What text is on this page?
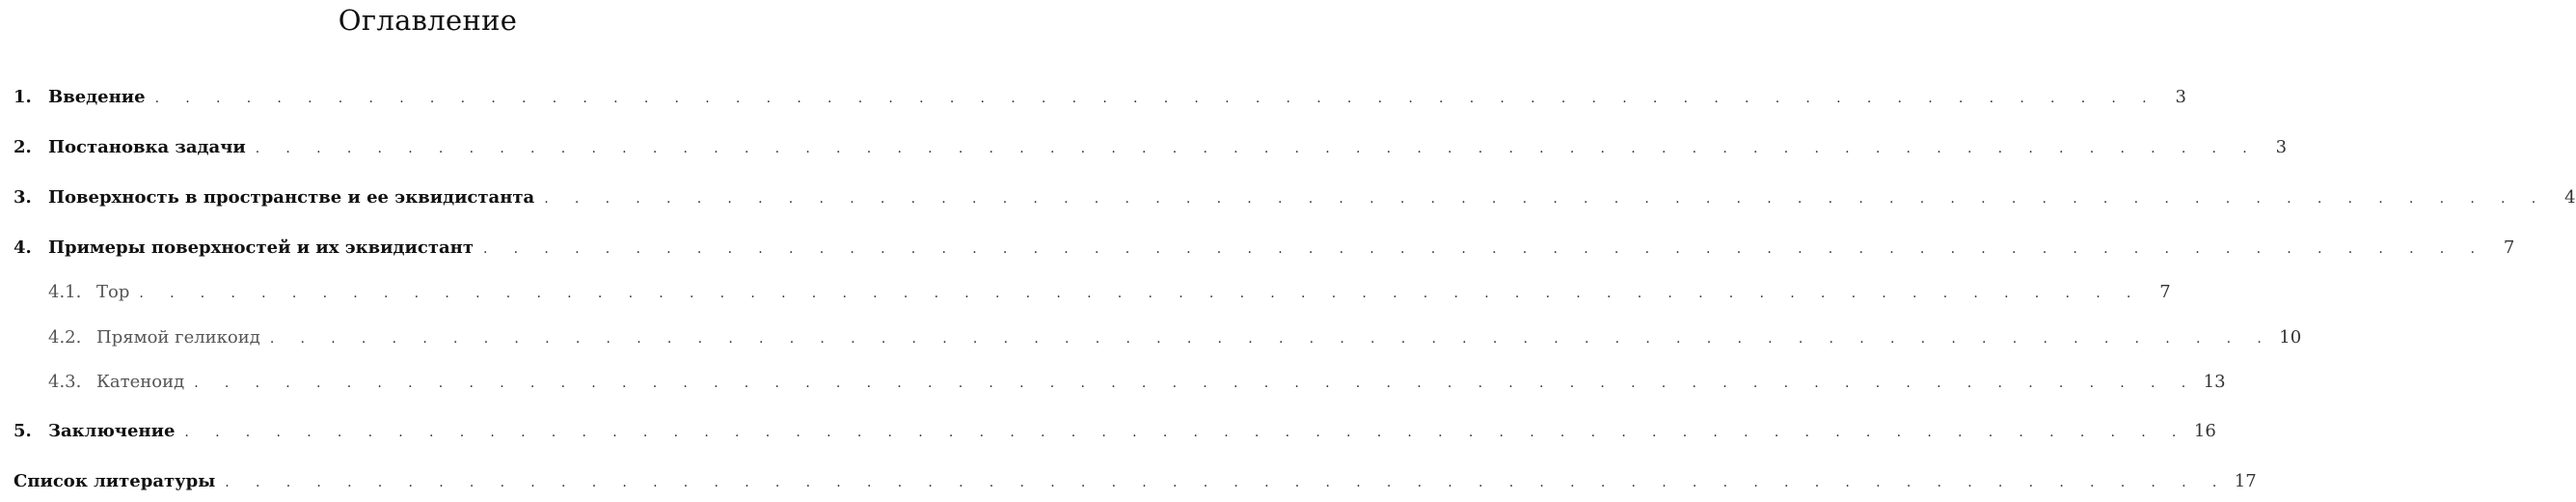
Оглавление
1. Введение . . . . . . . . . . . . . . . . . . . . . . . . . . . . . . . . . . . . . . . . . . . . . . . . . . . . . . . . . . . . . . . . . .	3
2. Постановка задачи . . . . . . . . . . . . . . . . . . . . . . . . . . . . . . . . . . . . . . . . . . . . . . . . . . . . . . . . . . . . . . . . . .	3
3. Поверхность в пространстве и ее эквидистанта . . . . . . . . . . . . . . . . . . . . . . . . . . . . . . . . . . . . . . . . . . . . . . . . . . . . . . . . . . . . . . . . . .	4
4. Примеры поверхностей и их эквидистант . . . . . . . . . . . . . . . . . . . . . . . . . . . . . . . . . . . . . . . . . . . . . . . . . . . . . . . . . . . . . . . . . .	7
4.1. Тор . . . . . . . . . . . . . . . . . . . . . . . . . . . . . . . . . . . . . . . . . . . . . . . . . . . . . . . . . . . . . . . . . .	7
4.2. Прямой геликоид . . . . . . . . . . . . . . . . . . . . . . . . . . . . . . . . . . . . . . . . . . . . . . . . . . . . . . . . . . . . . . . . . . 10
4.3. Катеноид . . . . . . . . . . . . . . . . . . . . . . . . . . . . . . . . . . . . . . . . . . . . . . . . . . . . . . . . . . . . . . . . . . 13
5. Заключение . . . . . . . . . . . . . . . . . . . . . . . . . . . . . . . . . . . . . . . . . . . . . . . . . . . . . . . . . . . . . . . . . . 16
Список литературы . . . . . . . . . . . . . . . . . . . . . . . . . . . . . . . . . . . . . . . . . . . . . . . . . . . . . . . . . . . . . . . . . . 17
